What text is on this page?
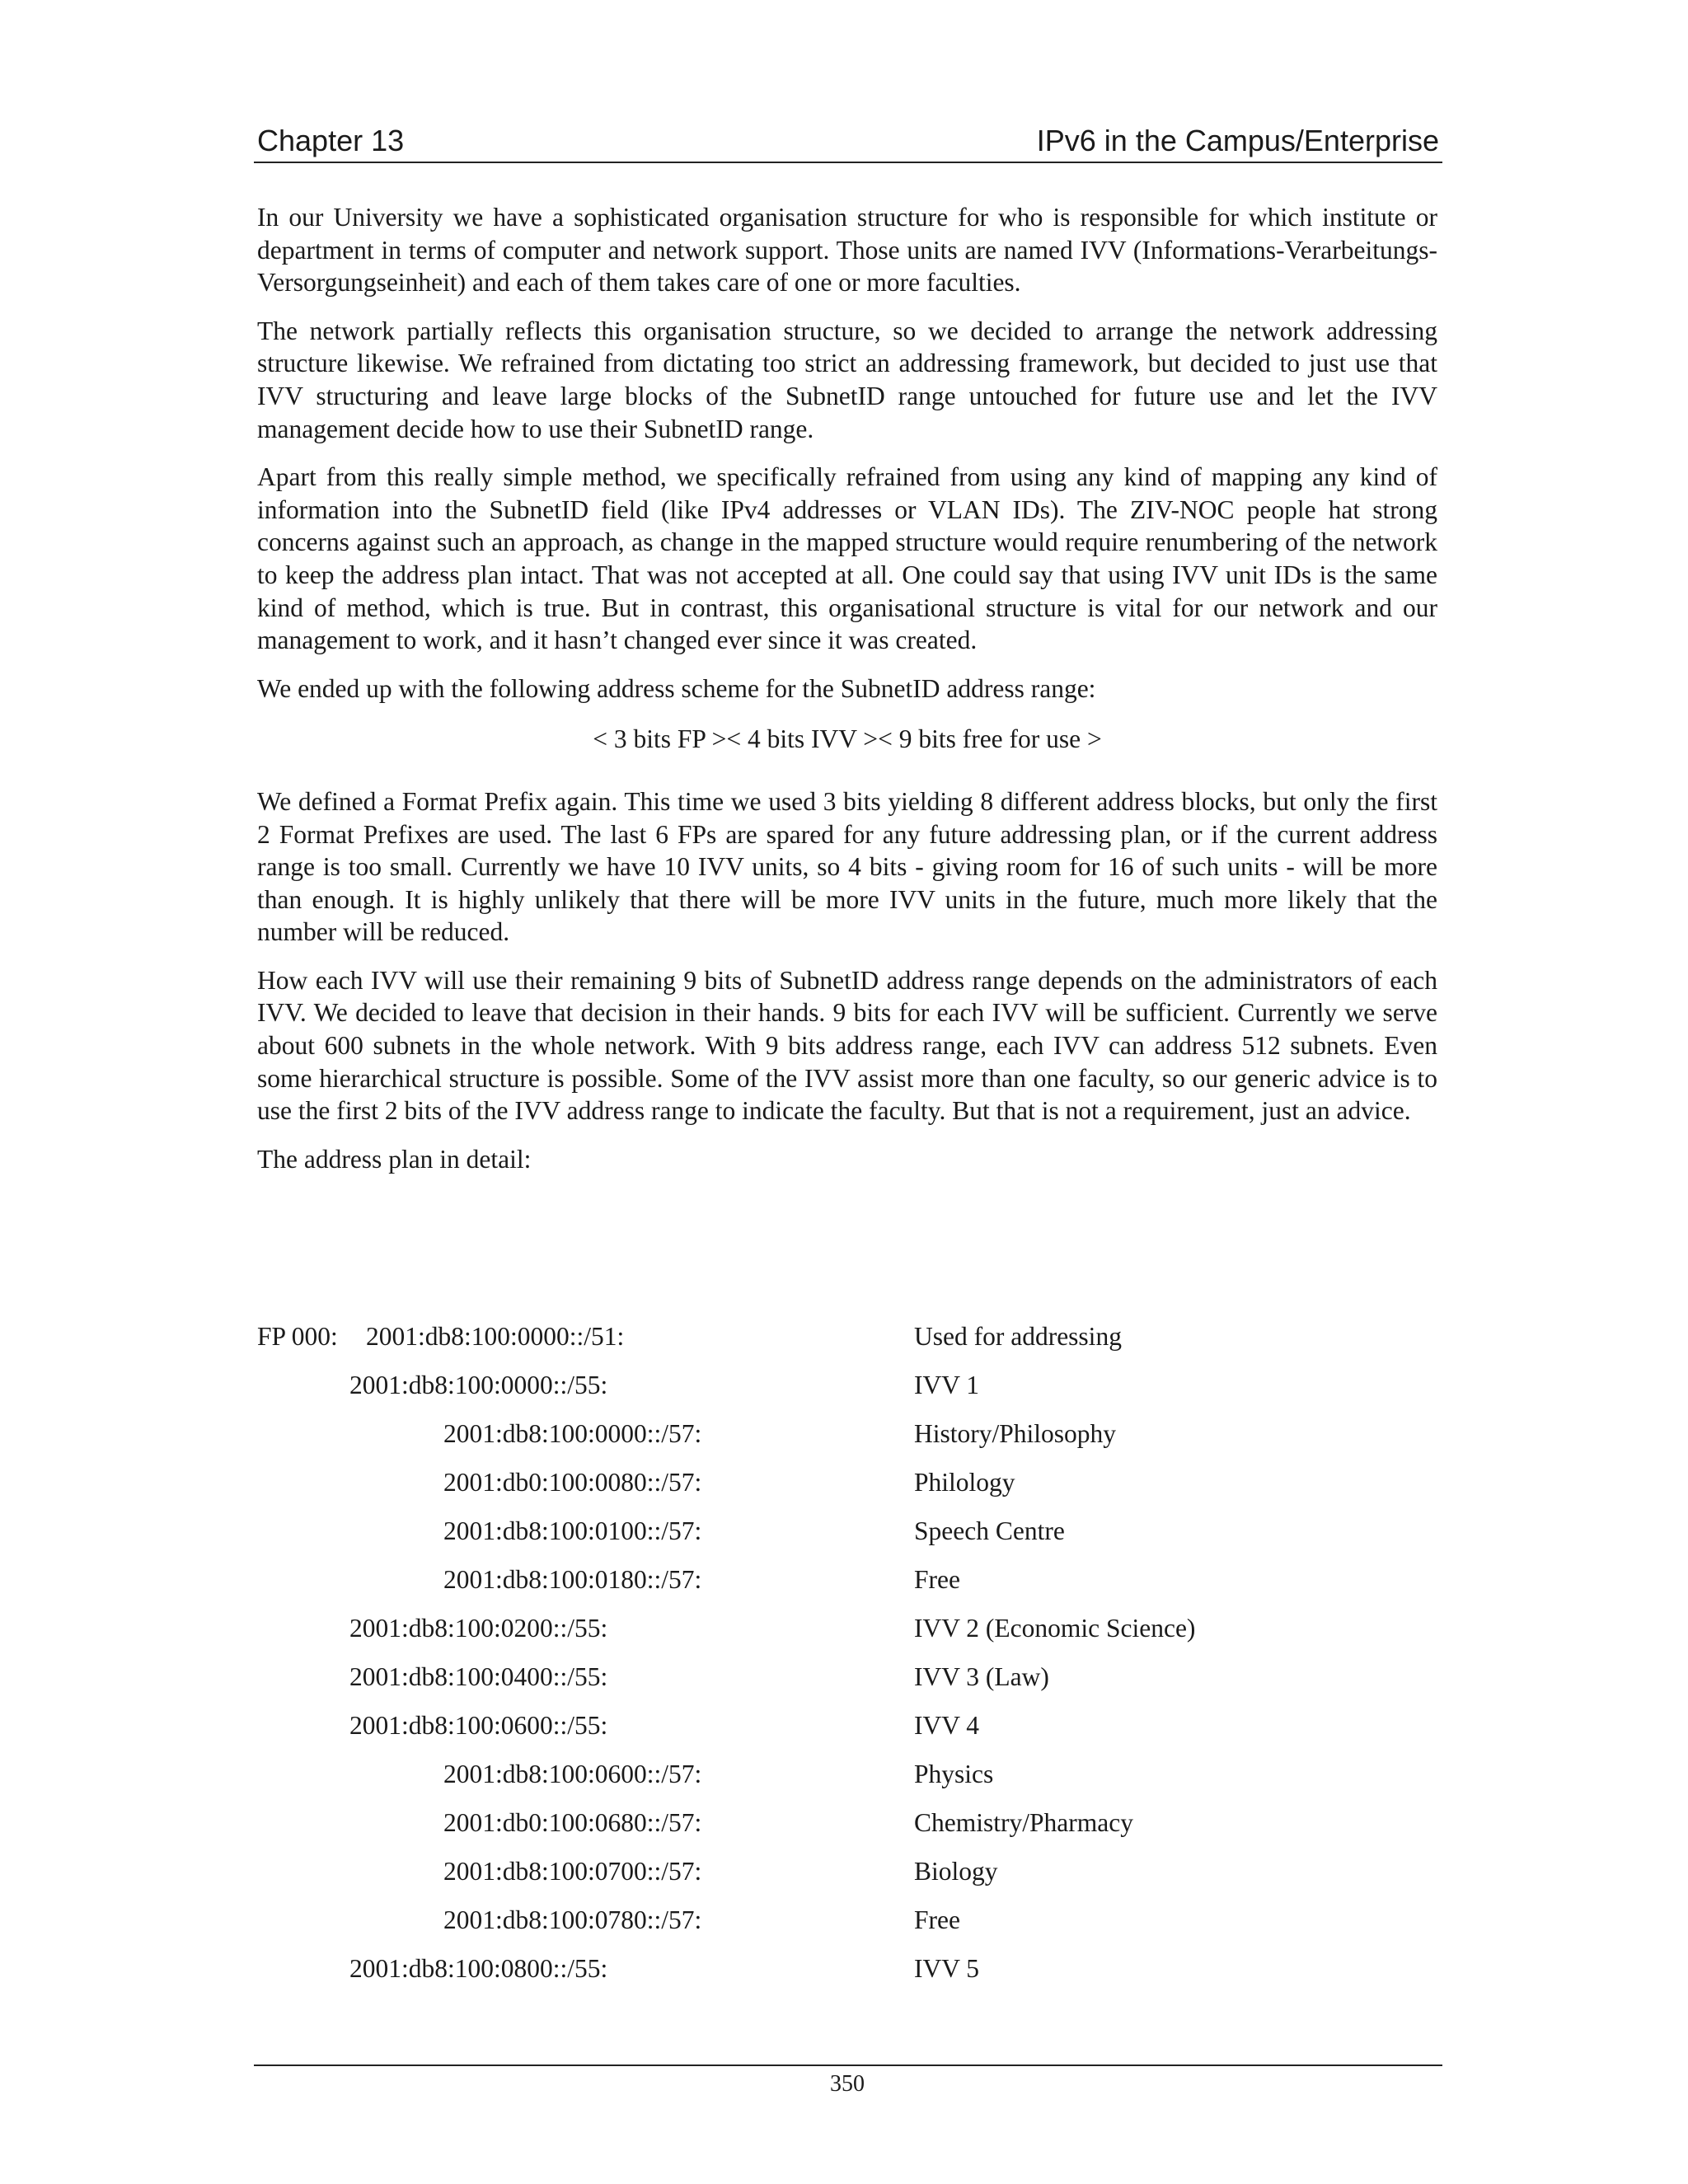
Chapter 13	IPv6 in the Campus/Enterprise

In our University we have a sophisticated organisation structure for who is responsible for which institute or department in terms of computer and network support. Those units are named IVV (Informations-Verarbeitungs-Versorgungseinheit) and each of them takes care of one or more faculties.

The network partially reflects this organisation structure, so we decided to arrange the network addressing structure likewise. We refrained from dictating too strict an addressing framework, but decided to just use that IVV structuring and leave large blocks of the SubnetID range untouched for future use and let the IVV management decide how to use their SubnetID range.

Apart from this really simple method, we specifically refrained from using any kind of mapping any kind of information into the SubnetID field (like IPv4 addresses or VLAN IDs). The ZIV-NOC people hat strong concerns against such an approach, as change in the mapped structure would require renumbering of the network to keep the address plan intact. That was not accepted at all. One could say that using IVV unit IDs is the same kind of method, which is true. But in contrast, this organisational structure is vital for our network and our management to work, and it hasn’t changed ever since it was created.

We ended up with the following address scheme for the SubnetID address range:

< 3 bits FP >< 4 bits IVV >< 9 bits free for use >

We defined a Format Prefix again. This time we used 3 bits yielding 8 different address blocks, but only the first 2 Format Prefixes are used. The last 6 FPs are spared for any future addressing plan, or if the current address range is too small. Currently we have 10 IVV units, so 4 bits - giving room for 16 of such units - will be more than enough. It is highly unlikely that there will be more IVV units in the future, much more likely that the number will be reduced.

How each IVV will use their remaining 9 bits of SubnetID address range depends on the administrators of each IVV. We decided to leave that decision in their hands. 9 bits for each IVV will be sufficient. Currently we serve about 600 subnets in the whole network. With 9 bits address range, each IVV can address 512 subnets. Even some hierarchical structure is possible. Some of the IVV assist more than one faculty, so our generic advice is to use the first 2 bits of the IVV address range to indicate the faculty. But that is not a requirement, just an advice.

The address plan in detail:

FP 000: 2001:db8:100:0000::/51:	Used for addressing
2001:db8:100:0000::/55:	IVV 1
2001:db8:100:0000::/57:	History/Philosophy
2001:db0:100:0080::/57:	Philology
2001:db8:100:0100::/57:	Speech Centre
2001:db8:100:0180::/57:	Free
2001:db8:100:0200::/55:	IVV 2 (Economic Science)
2001:db8:100:0400::/55:	IVV 3 (Law)
2001:db8:100:0600::/55:	IVV 4
2001:db8:100:0600::/57:	Physics
2001:db0:100:0680::/57:	Chemistry/Pharmacy
2001:db8:100:0700::/57:	Biology
2001:db8:100:0780::/57:	Free
2001:db8:100:0800::/55:	IVV 5
350
